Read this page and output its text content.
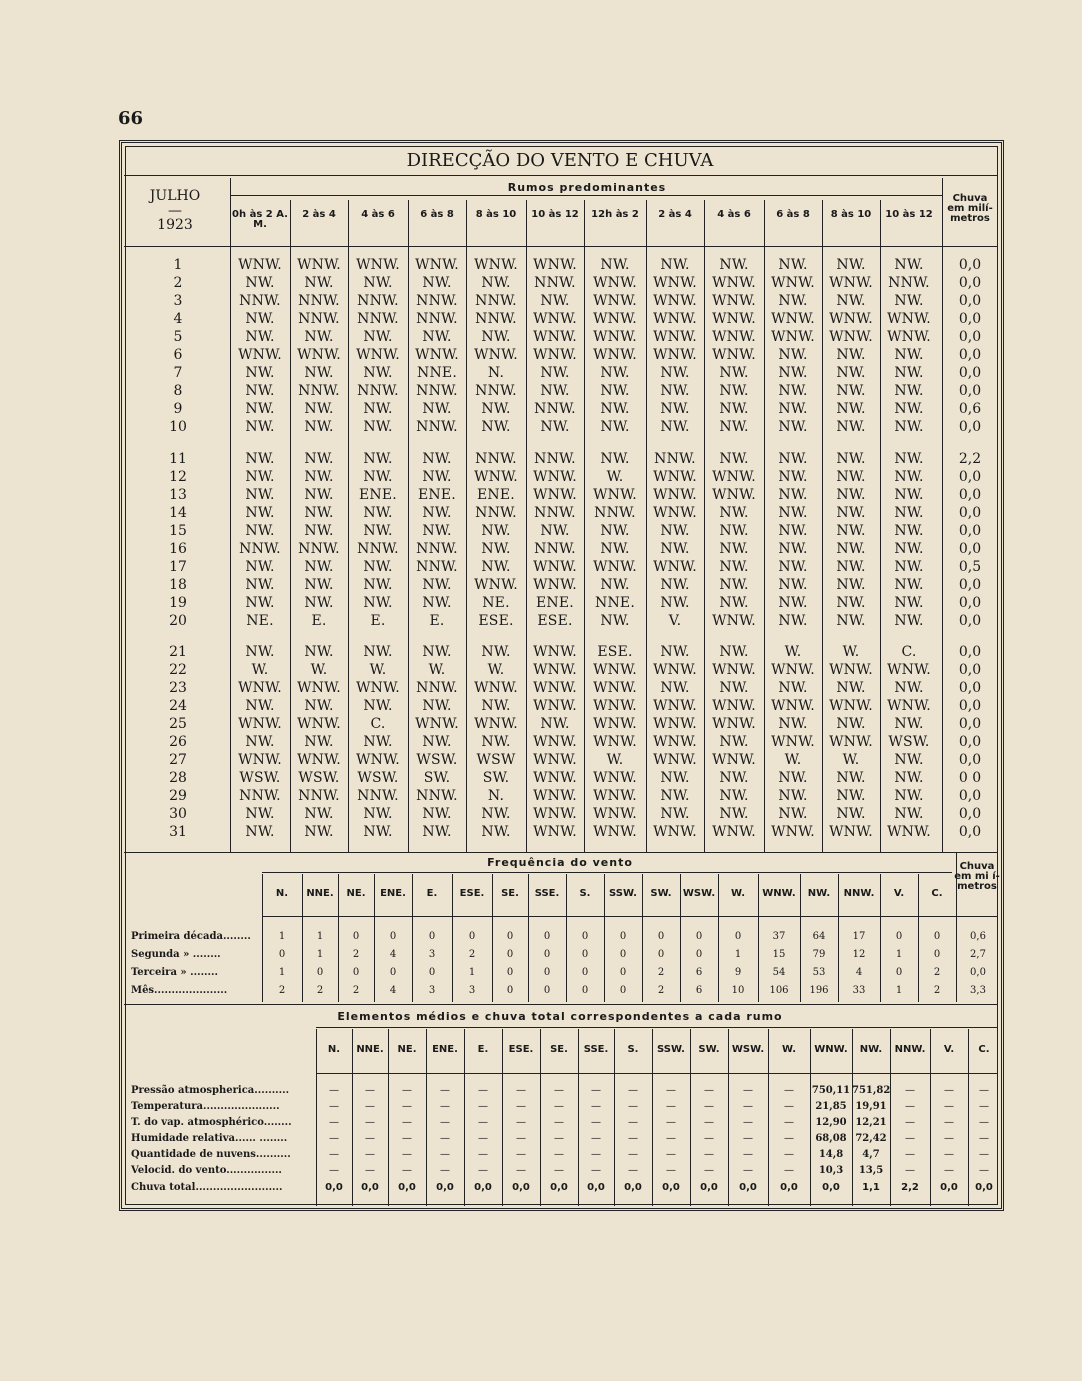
66
DIRECÇÃO DO VENTO E CHUVA
JULHO
—
1923
Rumos predominantes
Chuva em milí- metros
0h às 2 A. M.
2 às 4	4 às 6	6 às 8	8 às 10	10 às 12	12h às 2	2 às 4	4 às 6	6 às 8	8 às 10	10 às 12
1	WNW.	WNW.	WNW.	WNW.	WNW.	WNW.	NW.	NW.	NW.	NW.	NW.	NW.	0,0
2	NW.	NW.	NW.	NW.	NW.	NNW.	WNW.	WNW.	WNW.	WNW.	WNW.	NNW.	0,0
3	NNW.	NNW.	NNW.	NNW.	NNW.	NW.	WNW.	WNW.	WNW.	NW.	NW.	NW.	0,0
4	NW.	NNW.	NNW.	NNW.	NNW.	WNW.	WNW.	WNW.	WNW.	WNW.	WNW.	WNW.	0,0
5	NW.	NW.	NW.	NW.	NW.	WNW.	WNW.	WNW.	WNW.	WNW.	WNW.	WNW.	0,0
6	WNW.	WNW.	WNW.	WNW.	WNW.	WNW.	WNW.	WNW.	WNW.	NW.	NW.	NW.	0,0
7	NW.	NW.	NW.	NNE.	N.	NW.	NW.	NW.	NW.	NW.	NW.	NW.	0,0
8	NW.	NNW.	NNW.	NNW.	NNW.	NW.	NW.	NW.	NW.	NW.	NW.	NW.	0,0
9	NW.	NW.	NW.	NW.	NW.	NNW.	NW.	NW.	NW.	NW.	NW.	NW.	0,6
10	NW.	NW.	NW.	NNW.	NW.	NW.	NW.	NW.	NW.	NW.	NW.	NW.	0,0
11	NW.	NW.	NW.	NW.	NNW.	NNW.	NW.	NNW.	NW.	NW.	NW.	NW.	2,2
12	NW.	NW.	NW.	NW.	WNW.	WNW.	W.	WNW.	WNW.	NW.	NW.	NW.	0,0
13	NW.	NW.	ENE.	ENE.	ENE.	WNW.	WNW.	WNW.	WNW.	NW.	NW.	NW.	0,0
14	NW.	NW.	NW.	NW.	NNW.	NNW.	NNW.	WNW.	NW.	NW.	NW.	NW.	0,0
15	NW.	NW.	NW.	NW.	NW.	NW.	NW.	NW.	NW.	NW.	NW.	NW.	0,0
16	NNW.	NNW.	NNW.	NNW.	NW.	NNW.	NW.	NW.	NW.	NW.	NW.	NW.	0,0
17	NW.	NW.	NW.	NNW.	NW.	WNW.	WNW.	WNW.	NW.	NW.	NW.	NW.	0,5
18	NW.	NW.	NW.	NW.	WNW.	WNW.	NW.	NW.	NW.	NW.	NW.	NW.	0,0
19	NW.	NW.	NW.	NW.	NE.	ENE.	NNE.	NW.	NW.	NW.	NW.	NW.	0,0
20	NE.	E.	E.	E.	ESE.	ESE.	NW.	V.	WNW.	NW.	NW.	NW.	0,0
21	NW.	NW.	NW.	NW.	NW.	WNW.	ESE.	NW.	NW.	W.	W.	C.	0,0
22	W.	W.	W.	W.	W.	WNW.	WNW.	WNW.	WNW.	WNW.	WNW.	WNW.	0,0
23	WNW.	WNW.	WNW.	NNW.	WNW.	WNW.	WNW.	NW.	NW.	NW.	NW.	NW.	0,0
24	NW.	NW.	NW.	NW.	NW.	WNW.	WNW.	WNW.	WNW.	WNW.	WNW.	WNW.	0,0
25	WNW.	WNW.	C.	WNW.	WNW.	NW.	WNW.	WNW.	WNW.	NW.	NW.	NW.	0,0
26	NW.	NW.	NW.	NW.	NW.	WNW.	WNW.	WNW.	NW.	WNW.	WNW.	WSW.	0,0
27	WNW.	WNW.	WNW.	WSW.	WSW	WNW.	W.	WNW.	WNW.	W.	W.	NW.	0,0
28	WSW.	WSW.	WSW.	SW.	SW.	WNW.	WNW.	NW.	NW.	NW.	NW.	NW.	0 0
29	NNW.	NNW.	NNW.	NNW.	N.	WNW.	WNW.	NW.	NW.	NW.	NW.	NW.	0,0
30	NW.	NW.	NW.	NW.	NW.	WNW.	WNW.	NW.	NW.	NW.	NW.	NW.	0,0
31	NW.	NW.	NW.	NW.	NW.	WNW.	WNW.	WNW.	WNW.	WNW.	WNW.	WNW.	0,0
Frequência do vento	Chuva em mi í- metros
N.	NNE.	NE.	ENE.	E.	ESE.	SE.	SSE.	S.	SSW.	SW.	WSW.	W.	WNW.	NW.	NNW.	V.	C.
Primeira década........	1	1	0	0	0	0	0	0	0	0	0	0	0	37	64	17	0	0	0,6
Segunda » ........	0	1	2	4	3	2	0	0	0	0	0	0	1	15	79	12	1	0	2,7
Terceira » ........	1	0	0	0	0	1	0	0	0	0	2	6	9	54	53	4	0	2	0,0
Mês.....................	2	2	2	4	3	3	0	0	0	0	2	6	10	106	196	33	1	2	3,3
Elementos médios e chuva total correspondentes a cada rumo
N.	NNE.	NE.	ENE.	E.	ESE.	SE.	SSE.	S.	SSW.	SW.	WSW.	W.	WNW.	NW.	NNW.	V.	C.
Pressão atmospherica..........	—	—	—	—	—	—	—	—	—	—	—	—	—	750,11 751,82	—	—	—
Temperatura......................	—	—	—	—	—	—	—	—	—	—	—	—	—	21,85 19,91	—	—	—
T. do vap. atmosphérico........	—	—	—	—	—	—	—	—	—	—	—	—	—	12,90 12,21	—	—	—
Humidade relativa...... ........	—	—	—	—	—	—	—	—	—	—	—	—	—	68,08 72,42	—	—	—
Quantidade de nuvens..........	—	—	—	—	—	—	—	—	—	—	—	—	—	14,8	4,7	—	—	—
Velocid. do vento................	—	—	—	—	—	—	—	—	—	—	—	—	—	10,3	13,5	—	—	—
Chuva total.........................	0,0	0,0	0,0	0,0	0,0	0,0	0,0	0,0	0,0	0,0	0,0	0,0	0,0	0,0	1,1	2,2	0,0	0,0
